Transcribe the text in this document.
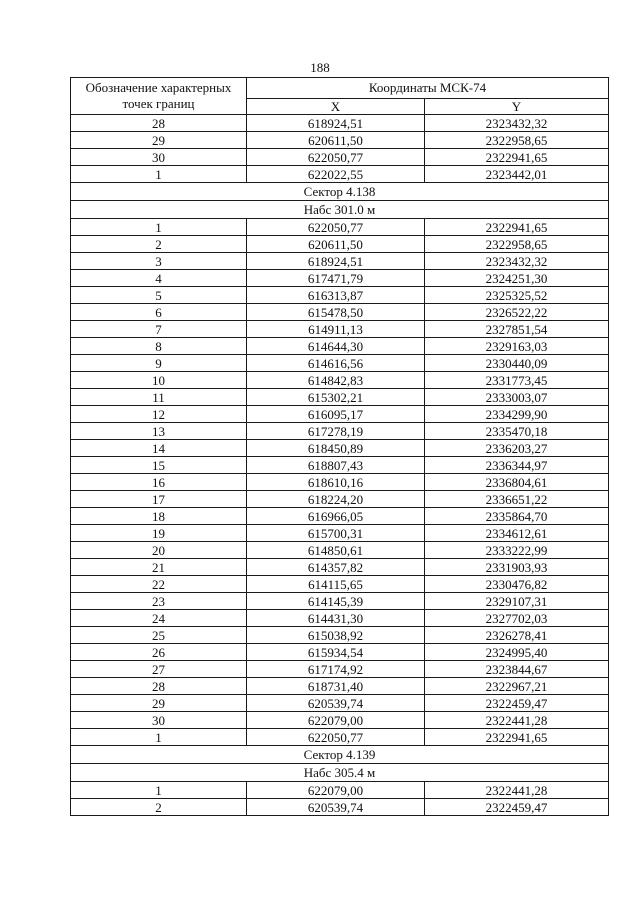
188
Обозначение характерных точек границ	Координаты МСК-74	
	X	Y
28	618924,51	2323432,32
29	620611,50	2322958,65
30	622050,77	2322941,65
1	622022,55	2323442,01
Сектор 4.138		
Набс 301.0 м		
1	622050,77	2322941,65
2	620611,50	2322958,65
3	618924,51	2323432,32
4	617471,79	2324251,30
5	616313,87	2325325,52
6	615478,50	2326522,22
7	614911,13	2327851,54
8	614644,30	2329163,03
9	614616,56	2330440,09
10	614842,83	2331773,45
11	615302,21	2333003,07
12	616095,17	2334299,90
13	617278,19	2335470,18
14	618450,89	2336203,27
15	618807,43	2336344,97
16	618610,16	2336804,61
17	618224,20	2336651,22
18	616966,05	2335864,70
19	615700,31	2334612,61
20	614850,61	2333222,99
21	614357,82	2331903,93
22	614115,65	2330476,82
23	614145,39	2329107,31
24	614431,30	2327702,03
25	615038,92	2326278,41
26	615934,54	2324995,40
27	617174,92	2323844,67
28	618731,40	2322967,21
29	620539,74	2322459,47
30	622079,00	2322441,28
1	622050,77	2322941,65
Сектор 4.139		
Набс 305.4 м		
1	622079,00	2322441,28
2	620539,74	2322459,47
